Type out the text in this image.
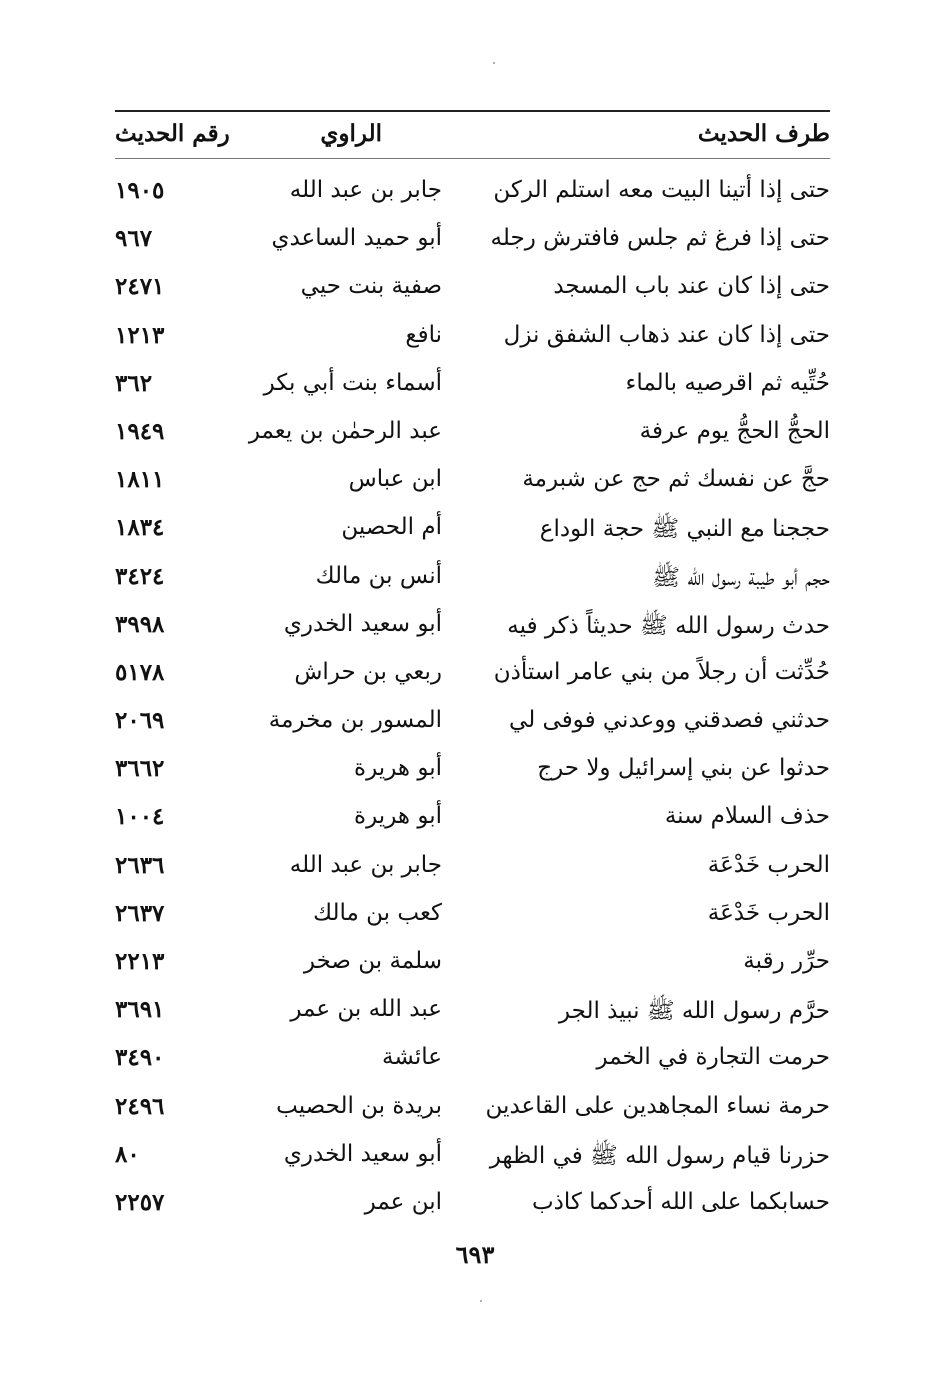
طرف الحديث
الراوي
رقم الحديث
حتى إذا أتينا البيت معه استلم الركن
جابر بن عبد الله
١٩٠٥
حتى إذا فرغ ثم جلس فافترش رجله
أبو حميد الساعدي
٩٦٧
حتى إذا كان عند باب المسجد
صفية بنت حيي
٢٤٧١
حتى إذا كان عند ذهاب الشفق نزل
نافع
١٢١٣
حُتِّيه ثم اقرصيه بالماء
أسماء بنت أبي بكر
٣٦٢
الحجُّ الحجُّ يوم عرفة
عبد الرحمٰن بن يعمر
١٩٤٩
حجَّ عن نفسك ثم حج عن شبرمة
ابن عباس
١٨١١
حججنا مع النبي ﷺ حجة الوداع
أم الحصين
١٨٣٤
حجم أبو طيبة رسول الله ﷺ
أنس بن مالك
٣٤٢٤
حدث رسول الله ﷺ حديثاً ذكر فيه
أبو سعيد الخدري
٣٩٩٨
حُدِّثت أن رجلاً من بني عامر استأذن
ربعي بن حراش
٥١٧٨
حدثني فصدقني ووعدني فوفى لي
المسور بن مخرمة
٢٠٦٩
حدثوا عن بني إسرائيل ولا حرج
أبو هريرة
٣٦٦٢
حذف السلام سنة
أبو هريرة
١٠٠٤
الحرب خَدْعَة
جابر بن عبد الله
٢٦٣٦
الحرب خَدْعَة
كعب بن مالك
٢٦٣٧
حرِّر رقبة
سلمة بن صخر
٢٢١٣
حرَّم رسول الله ﷺ نبيذ الجر
عبد الله بن عمر
٣٦٩١
حرمت التجارة في الخمر
عائشة
٣٤٩٠
حرمة نساء المجاهدين على القاعدين
بريدة بن الحصيب
٢٤٩٦
حزرنا قيام رسول الله ﷺ في الظهر
أبو سعيد الخدري
٨٠
حسابكما على الله أحدكما كاذب
ابن عمر
٢٢٥٧
٦٩٣
